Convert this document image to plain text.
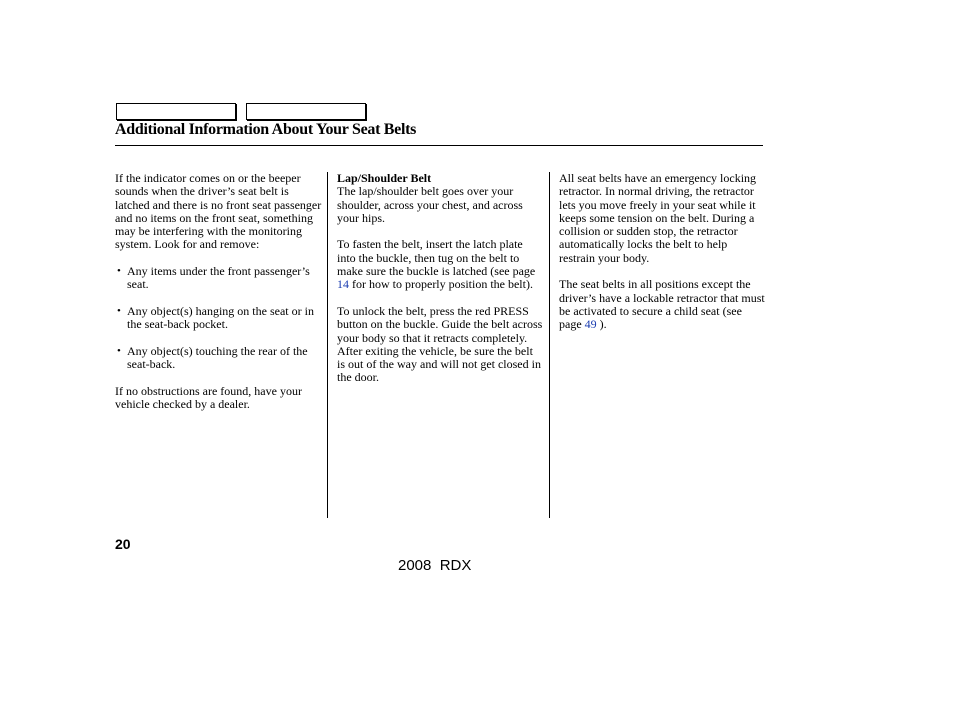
Additional Information About Your Seat Belts

If the indicator comes on or the beeper sounds when the driver’s seat belt is latched and there is no front seat passenger and no items on the front seat, something may be interfering with the monitoring system. Look for and remove:

• Any items under the front passenger’s seat.
• Any object(s) hanging on the seat or in the seat-back pocket.
• Any object(s) touching the rear of the seat-back.

If no obstructions are found, have your vehicle checked by a dealer.

Lap/Shoulder Belt

The lap/shoulder belt goes over your shoulder, across your chest, and across your hips.

To fasten the belt, insert the latch plate into the buckle, then tug on the belt to make sure the buckle is latched (see page 14 for how to properly position the belt).

To unlock the belt, press the red PRESS button on the buckle. Guide the belt across your body so that it retracts completely. After exiting the vehicle, be sure the belt is out of the way and will not get closed in the door.

All seat belts have an emergency locking retractor. In normal driving, the retractor lets you move freely in your seat while it keeps some tension on the belt. During a collision or sudden stop, the retractor automatically locks the belt to help restrain your body.

The seat belts in all positions except the driver’s have a lockable retractor that must be activated to secure a child seat (see page 49 ).

20
2008  RDX
